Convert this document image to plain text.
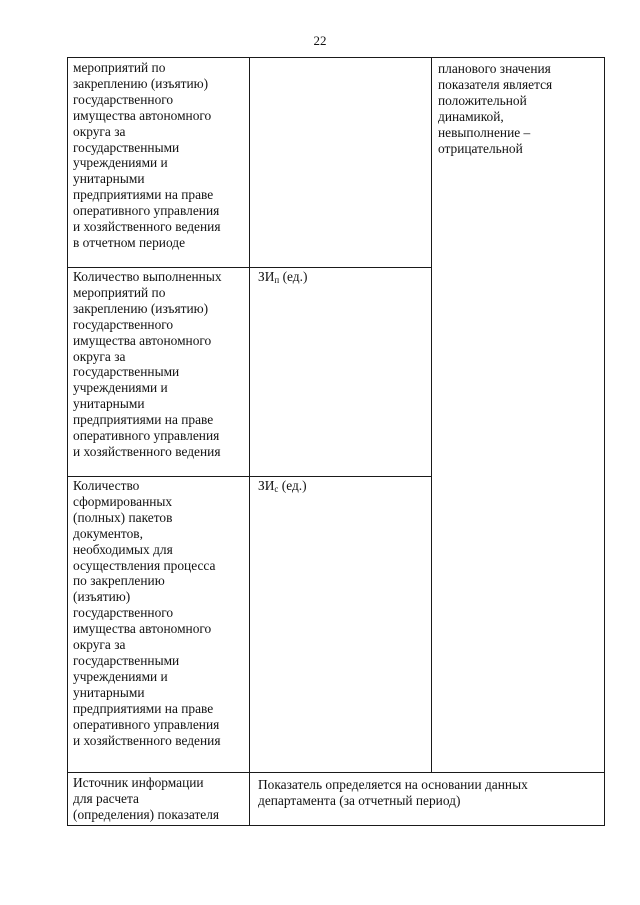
22
мероприятий по
закреплению (изъятию)
государственного
имущества автономного
округа за
государственными
учреждениями и
унитарными
предприятиями на праве
оперативного управления
и хозяйственного ведения
в отчетном периоде
Количество выполненных
мероприятий по
закреплению (изъятию)
государственного
имущества автономного
округа за
государственными
учреждениями и
унитарными
предприятиями на праве
оперативного управления
и хозяйственного ведения
$ЗИ_п$ (ед.)
Количество
сформированных
(полных) пакетов
документов,
необходимых для
осуществления процесса
по закреплению
(изъятию)
государственного
имущества автономного
округа за
государственными
учреждениями и
унитарными
предприятиями на праве
оперативного управления
и хозяйственного ведения
$ЗИ_с$ (ед.)
планового значения
показателя является
положительной
динамикой,
невыполнение –
отрицательной
Источник информации
для расчета
(определения) показателя
Показатель определяется на основании данных
департамента (за отчетный период)
